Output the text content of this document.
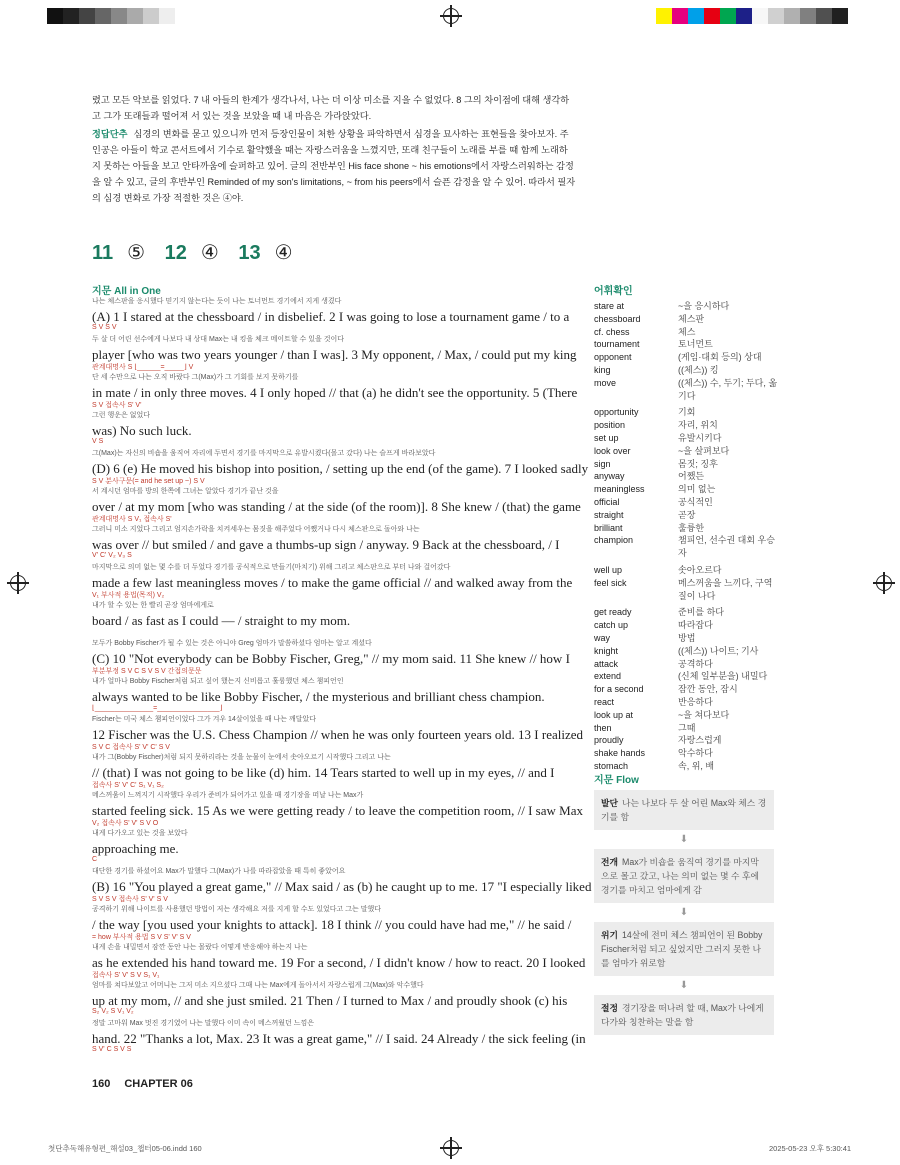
렸고 모든 악보를 읽었다. 7 내 아들의 한계가 생각나서, 나는 더 이상 미소를 지을 수 없었다. 8 그의 차이점에 대해 생각하고 그가 또래들과 떨어져 서 있는 것을 보았을 때 내 마음은 가라앉았다.

정답단추 심경의 변화를 묻고 있으니까 먼저 등장인물이 처한 상황을 파악하면서 심경을 묘사하는 표현들을 찾아보자. 주인공은 아들이 학교 콘서트에서 기수로 활약했을 때는 자랑스러움을 느꼈지만, 또래 친구들이 노래를 부를 때 함께 노래하지 못하는 아들을 보고 안타까움에 슬퍼하고 있어. 글의 전반부인 His face shone ~ his emotions에서 자랑스러워하는 감정을 알 수 있고, 글의 후반부인 Reminded of my son's limitations, ~ from his peers에서 슬픈 감정을 알 수 있어. 따라서 필자의 심경 변화로 가장 적절한 것은 ④야.

11 ⑤ 12 ④ 13 ④
지문 All in One
나는 체스판을 응시했다 믿기지 않는다는 듯이 나는 토너먼트 경기에서 지게 생겼다
(A) 1 I stared at the chessboard / in disbelief. 2 I was going to lose a tournament game / to a
S V S V
두 살 더 어린 선수에게 나보다 내 상대 Max는 내 킹을 체크 메이트할 수 있을 것이다
player [who was two years younger / than I was]. 3 My opponent, / Max, / could put my king
관계대명사 S ⌊______=_____⌋ V
단 세 수만으로 나는 오직 바랐다 그(Max)가 그 기회를 보지 못하기를
in mate / in only three moves. 4 I only hoped // that (a) he didn't see the opportunity. 5 (There
S V 접속사 S' V'
그런 행운은 없었다
was) No such luck.
V S
그(Max)는 자신의 비숍을 움직여 자리에 두면서 경기를 마지막으로 유발시켰다(몰고 갔다) 나는 슬프게 바라보았다
(D) 6 (e) He moved his bishop into position, / setting up the end (of the game). 7 I looked sadly
S V 분사구문(= and he set up ~) S V
서 계시던 엄마를 방의 한쪽에 그녀는 알았다 경기가 끝난 것을
over / at my mom [who was standing / at the side (of the room)]. 8 She knew / (that) the game
관계대명사 S V₁ 접속사 S'
그러니 미소 지었다 그리고 엄지손가락을 치켜세우는 몸짓을 해주었다 어쨌거나 다시 체스판으로 돌아와 나는
was over // but smiled / and gave a thumbs-up sign / anyway. 9 Back at the chessboard, / I
V' C' V₂ V₃ S
마지막으로 의미 없는 몇 수를 더 두었다 경기를 공식적으로 만들기(마치기) 위해 그리고 체스판으로 부터 나와 걸어갔다
made a few last meaningless moves / to make the game official // and walked away from the
V₁ 부사적 용법(목적) V₂
내가 할 수 있는 한 빨리 곧장 엄마에게로
board / as fast as I could — / straight to my mom.
모두가 Bobby Fischer가 될 수 있는 것은 아니야 Greg 엄마가 말씀하셨다 엄마는 알고 계셨다
(C) 10 "Not everybody can be Bobby Fischer, Greg," // my mom said. 11 She knew // how I
부분부정 S V C S V S V 간접의문문
내가 얼마나 Bobby Fischer처럼 되고 싶어 했는지 신비롭고 훌륭했던 체스 챔피언인
always wanted to be like Bobby Fischer, / the mysterious and brilliant chess champion.
⌊_______________=________________⌋
Fischer는 미국 체스 챔피언이었다 그가 겨우 14살이었을 때 나는 깨달았다
12 Fischer was the U.S. Chess Champion // when he was only fourteen years old. 13 I realized
S V C 접속사 S' V' C' S V
내가 그(Bobby Fischer)처럼 되지 못하리라는 것을 눈물이 눈에서 솟아오르기 시작했다 그리고 나는
// (that) I was not going to be like (d) him. 14 Tears started to well up in my eyes, // and I
접속사 S' V' C' S₁ V₁ S₂
메스꺼움이 느껴지기 시작했다 우리가 준비가 되어가고 있을 때 경기장을 떠날 나는 Max가
started feeling sick. 15 As we were getting ready / to leave the competition room, // I saw Max
V₂ 접속사 S' V' S V O
내게 다가오고 있는 것을 보았다
approaching me.
C
대단한 경기를 하셨어요 Max가 말했다 그(Max)가 나를 따라잡았을 때 특히 좋았어요
(B) 16 "You played a great game," // Max said / as (b) he caught up to me. 17 "I especially liked
S V S V 접속사 S' V' S V
공격하기 위해 나이트를 사용했던 방법이 저는 생각해요 저를 지게 할 수도 있었다고 그는 말했다
/ the way [you used your knights to attack]. 18 I think // you could have had me," // he said /
= how 부사적 용법 S V S' V' S V
내게 손을 내밀면서 잠깐 동안 나는 몰랐다 어떻게 반응해야 하는지 나는
as he extended his hand toward me. 19 For a second, / I didn't know / how to react. 20 I looked
접속사 S' V' S V S₁ V₁
엄마를 쳐다보았고 어머니는 그저 미소 지으셨다 그때 나는 Max에게 돌아서서 자랑스럽게 그(Max)와 악수했다
up at my mom, // and she just smiled. 21 Then / I turned to Max / and proudly shook (c) his
S₂ V₂ S V₁ V₂
정말 고마워 Max 멋진 경기였어 나는 말했다 이미 속이 메스꺼웠던 느낌은
hand. 22 "Thanks a lot, Max. 23 It was a great game," // I said. 24 Already / the sick feeling (in
S V' C S V S
어휘확인
stare at	~을 응시하다
chessboard	체스판
cf. chess	체스
tournament	토너먼트
opponent	(게임·대회 등의) 상대
king	((체스)) 킹
move	((체스)) 수, 두기; 두다, 옮기다
opportunity	기회
position	자리, 위치
set up	유발시키다
look over	~을 살펴보다
sign	몸짓; 징후
anyway	어쨌든
meaningless	의미 없는
official	공식적인
straight	곧장
brilliant	훌륭한
champion	챔피언, 선수권 대회 우승자
well up	솟아오르다
feel sick	메스꺼움을 느끼다, 구역질이 나다
get ready	준비를 하다
catch up	따라잡다
way	방법
knight	((체스)) 나이트; 기사
attack	공격하다
extend	(신체 일부분을) 내밀다
for a second	잠깐 동안, 잠시
react	반응하다
look up at	~을 쳐다보다
then	그때
proudly	자랑스럽게
shake hands	악수하다
stomach	속, 위, 배
지문 Flow
발단 나는 나보다 두 살 어린 Max와 체스 경기를 함
⬇
전개 Max가 비숍을 움직여 경기를 마지막으로 몰고 갔고, 나는 의미 없는 몇 수 후에 경기를 마치고 엄마에게 감
⬇
위기 14살에 전미 체스 챔피언이 된 Bobby Fischer처럼 되고 싶었지만 그러지 못한 나를 엄마가 위로함
⬇
절정 경기장을 떠나려 할 때, Max가 나에게 다가와 칭찬하는 말을 함
160 CHAPTER 06
첫단추독해유형편_해설03_챕터05-06.indd 160	2025-05-23 오후 5:30:41
